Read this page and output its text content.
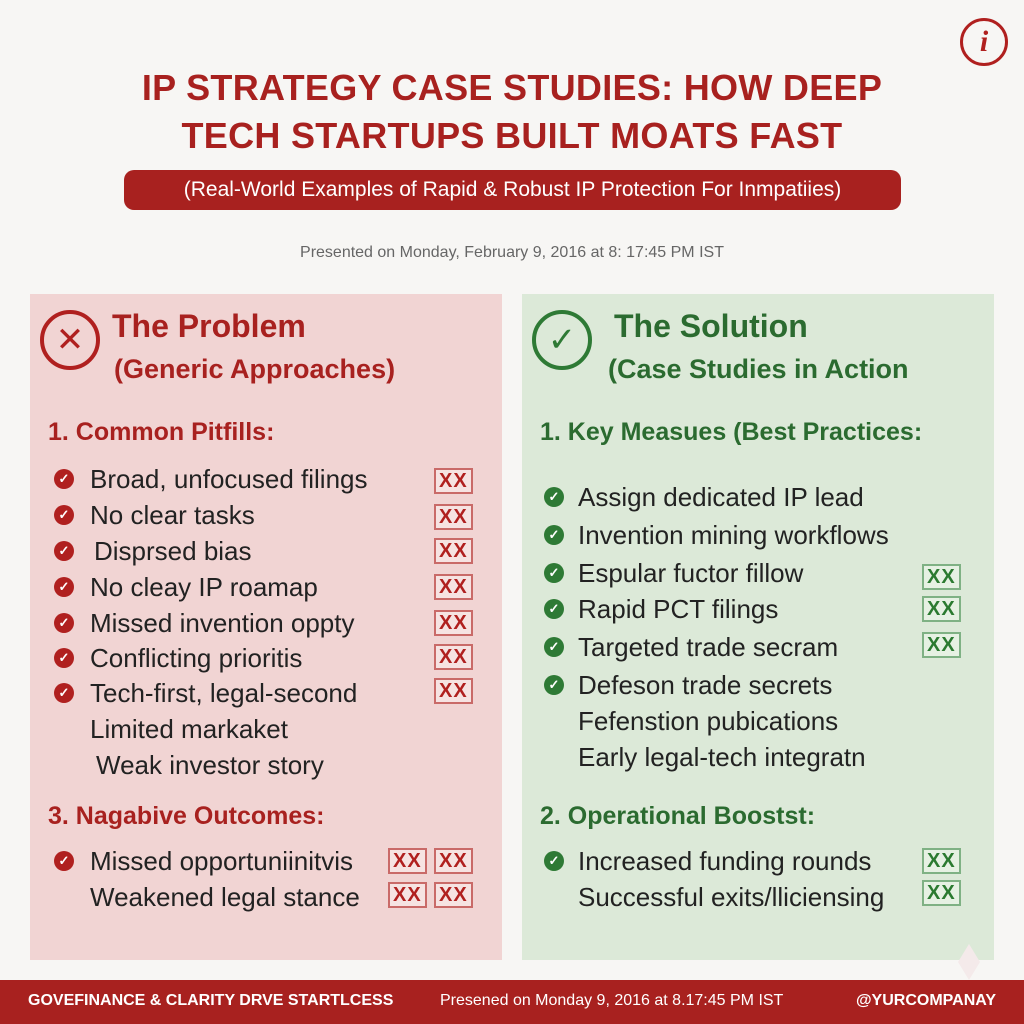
i
IP STRATEGY CASE STUDIES: HOW DEEP
TECH STARTUPS BUILT MOATS FAST
(Real-World Examples of Rapid & Robust IP Protection For Inmpatiies)
Presented on Monday, February 9, 2016 at 8: 17:45 PM IST
✕ The Problem
(Generic Approaches)
1. Common Pitfills:
✓ Broad, unfocused filings	XX
✓ No clear tasks	XX
✓ Disprsed bias	XX
✓ No cleay IP roamap	XX
✓ Missed invention oppty	XX
✓ Conflicting prioritis	XX
✓ Tech-first, legal-second	XX
Limited markaket
Weak investor story
3. Nagabive Outcomes:
✓ Missed opportuniinitvis XX XX
Weakened legal stance XX XX
✓	The Solution
(Case Studies in Action
1. Key Measues (Best Practices:
✓ Assign dedicated IP lead
✓ Invention mining workflows
✓ Espular fuctor fillow	XX
✓ Rapid PCT filings	XX
✓ Targeted trade secram	XX
✓ Defeson trade secrets
Fefenstion pubications
Early legal-tech integratn
2. Operational Boostst:
✓ Increased funding rounds	XX
Successful exits/lliciensing XX
GOVEFINANCE & CLARITY DRVE STARTLCESS	Presened on Monday 9, 2016 at 8.17:45 PM IST	@YURCOMPANAY
